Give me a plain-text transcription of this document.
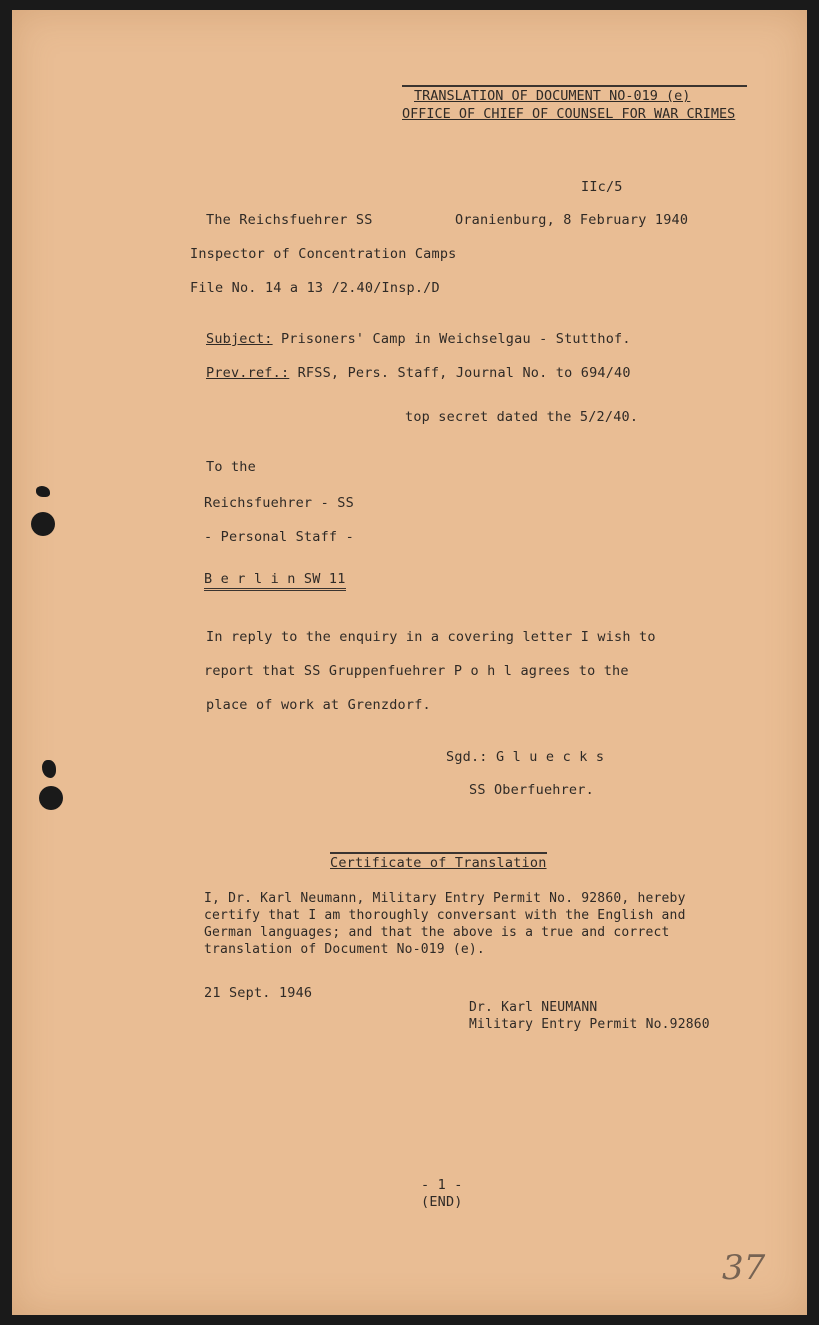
TRANSLATION OF DOCUMENT NO-019 (e)
OFFICE OF CHIEF OF COUNSEL FOR WAR CRIMES
IIc/5
The Reichsfuehrer SS	Oranienburg, 8 February 1940
Inspector of Concentration Camps
File No. 14 a 13 /2.40/Insp./D
Subject: Prisoners' Camp in Weichselgau - Stutthof.
Prev.ref.: RFSS, Pers. Staff, Journal No. to 694/40
top secret dated the 5/2/40.
To the
Reichsfuehrer - SS
- Personal Staff -
B e r l i n SW 11
In reply to the enquiry in a covering letter I wish to
report that SS Gruppenfuehrer P o h l agrees to the
place of work at Grenzdorf.
Sgd.: G l u e c k s
SS Oberfuehrer.
Certificate of Translation
I, Dr. Karl Neumann, Military Entry Permit No. 92860, hereby
certify that I am thoroughly conversant with the English and
German languages; and that the above is a true and correct
translation of Document No-019 (e).
21 Sept. 1946
Dr. Karl NEUMANN
Military Entry Permit No.92860
- 1 -
(END)
37
